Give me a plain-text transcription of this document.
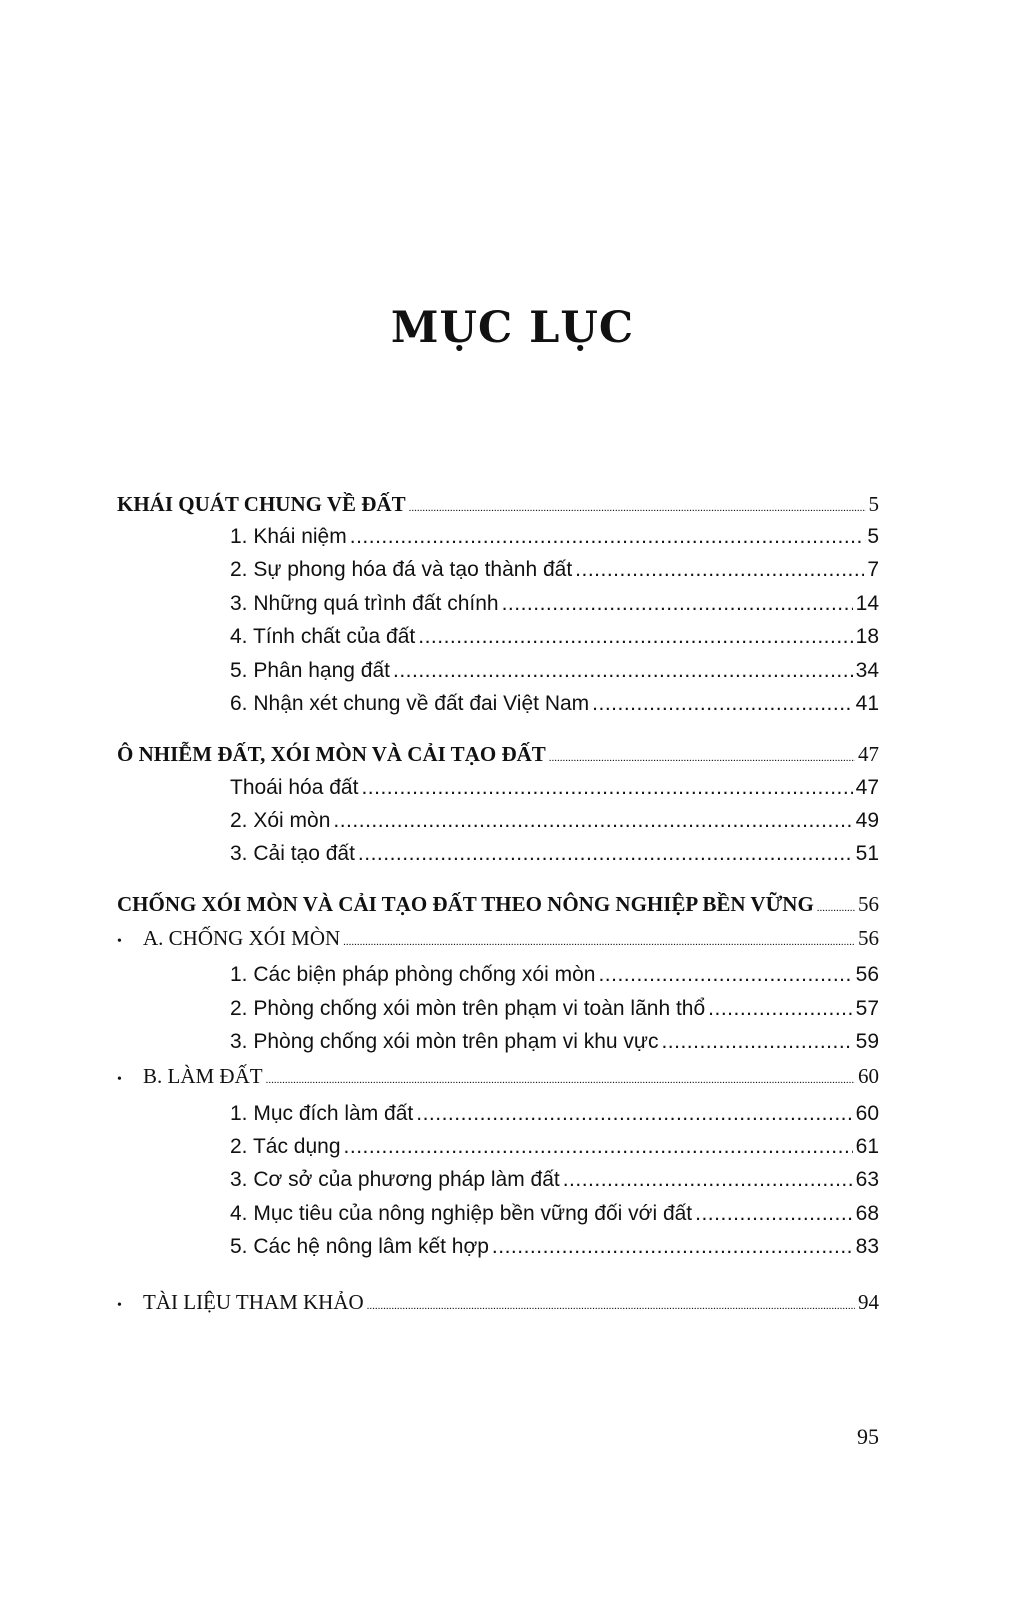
MỤC LỤC
KHÁI QUÁT CHUNG VỀ ĐẤT .....	5
1. Khái niệm .....	5
2. Sự phong hóa đá và tạo thành đất .....	7
3. Những quá trình đất chính .....	14
4. Tính chất của đất .....	18
5. Phân hạng đất .....	34
6. Nhận xét chung về đất đai Việt Nam .....	41
Ô NHIỄM ĐẤT, XÓI MÒN VÀ CẢI TẠO ĐẤT .....	47
Thoái hóa đất .....	47
2. Xói mòn .....	49
3. Cải tạo đất .....	51
CHỐNG XÓI MÒN VÀ CẢI TẠO ĐẤT THEO NÔNG NGHIỆP BỀN VỮNG ..... 56
•	A. CHỐNG XÓI MÒN .....	56
1. Các biện pháp phòng chống xói mòn .....	56
2. Phòng chống xói mòn trên phạm vi toàn lãnh thổ .....	57
3. Phòng chống xói mòn trên phạm vi khu vực .....	59
•	B. LÀM ĐẤT .....	60
1. Mục đích làm đất .....	60
2. Tác dụng .....	61
3. Cơ sở của phương pháp làm đất .....	63
4. Mục tiêu của nông nghiệp bền vững đối với đất .....	68
5. Các hệ nông lâm kết hợp .....	83
•	TÀI LIỆU THAM KHẢO .....	94
95
